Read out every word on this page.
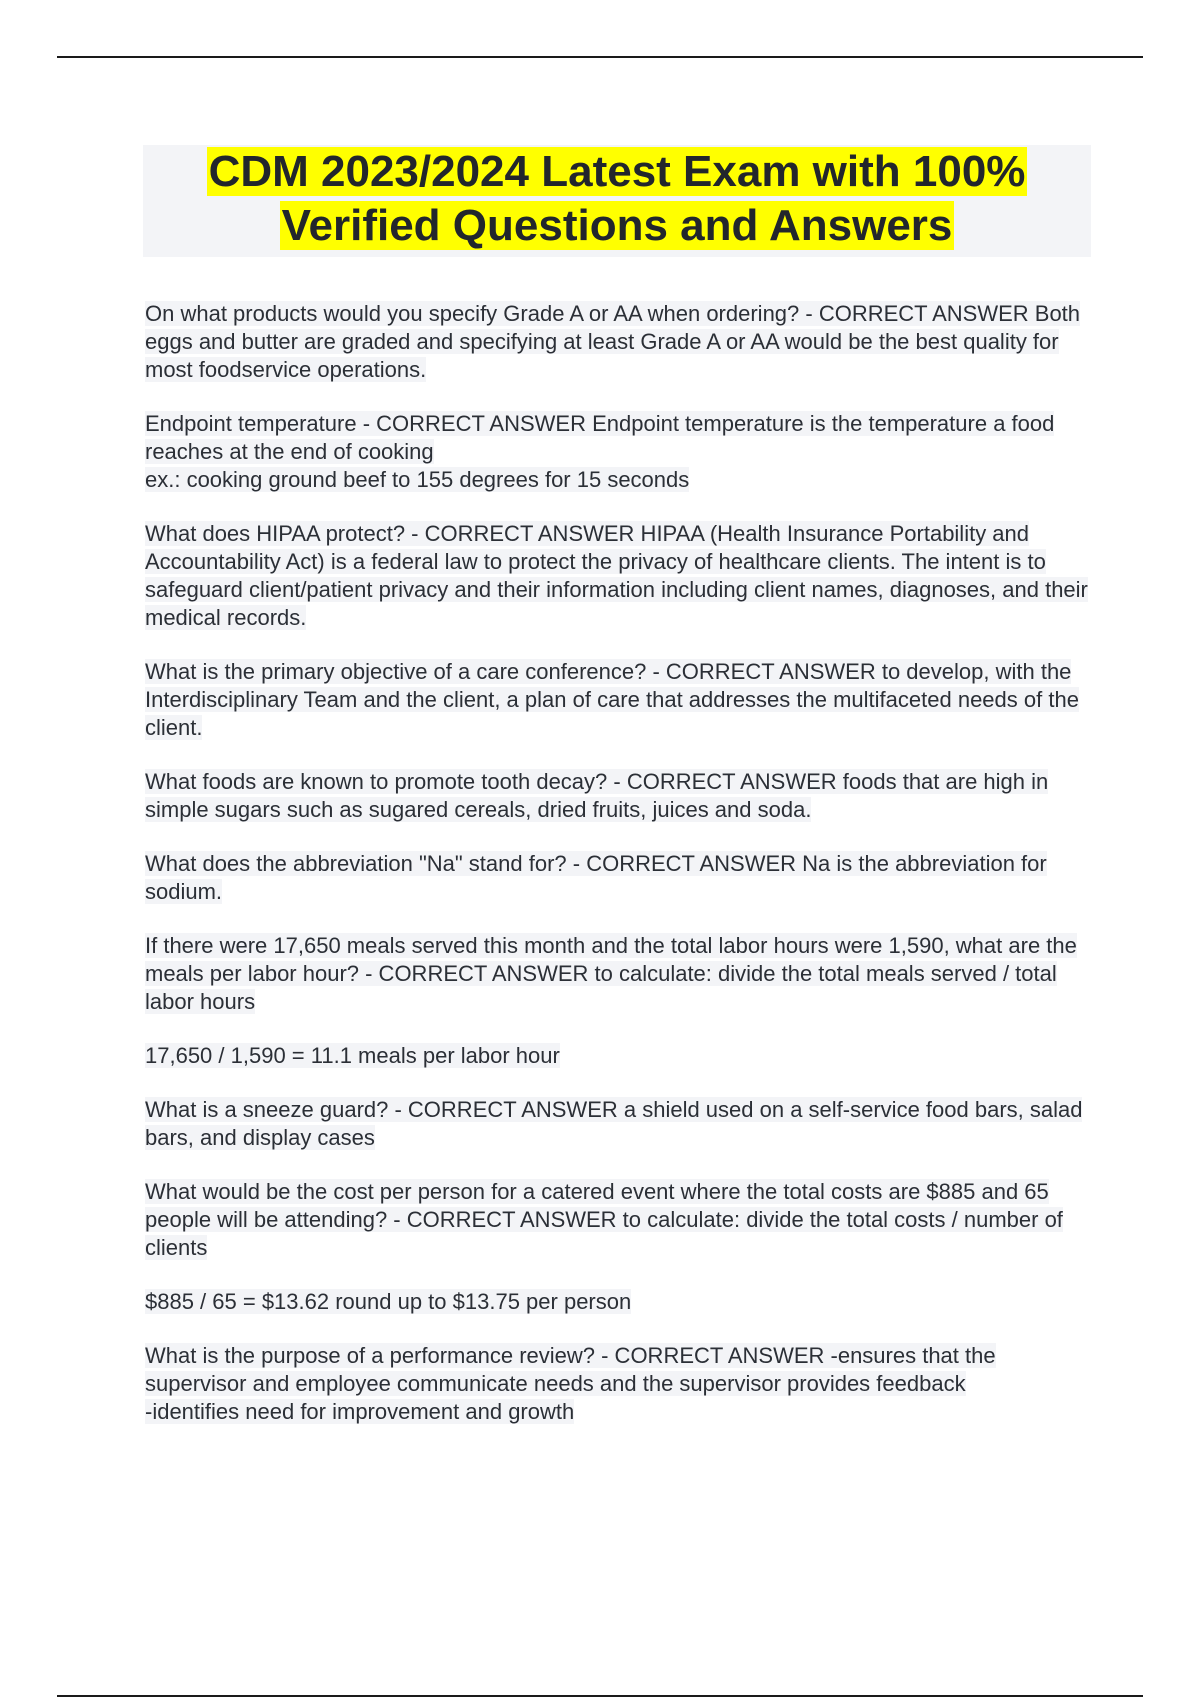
CDM 2023/2024 Latest Exam with 100%
Verified Questions and Answers

On what products would you specify Grade A or AA when ordering? - CORRECT ANSWER Both eggs and butter are graded and specifying at least Grade A or AA would be the best quality for most foodservice operations.

Endpoint temperature - CORRECT ANSWER Endpoint temperature is the temperature a food reaches at the end of cooking
ex.: cooking ground beef to 155 degrees for 15 seconds

What does HIPAA protect? - CORRECT ANSWER HIPAA (Health Insurance Portability and Accountability Act) is a federal law to protect the privacy of healthcare clients. The intent is to safeguard client/patient privacy and their information including client names, diagnoses, and their medical records.

What is the primary objective of a care conference? - CORRECT ANSWER to develop, with the Interdisciplinary Team and the client, a plan of care that addresses the multifaceted needs of the client.

What foods are known to promote tooth decay? - CORRECT ANSWER foods that are high in simple sugars such as sugared cereals, dried fruits, juices and soda.

What does the abbreviation "Na" stand for? - CORRECT ANSWER Na is the abbreviation for sodium.

If there were 17,650 meals served this month and the total labor hours were 1,590, what are the meals per labor hour? - CORRECT ANSWER to calculate: divide the total meals served / total labor hours

17,650 / 1,590 = 11.1 meals per labor hour

What is a sneeze guard? - CORRECT ANSWER a shield used on a self-service food bars, salad bars, and display cases

What would be the cost per person for a catered event where the total costs are $885 and 65 people will be attending? - CORRECT ANSWER to calculate: divide the total costs / number of clients

$885 / 65 = $13.62 round up to $13.75 per person

What is the purpose of a performance review? - CORRECT ANSWER -ensures that the supervisor and employee communicate needs and the supervisor provides feedback
-identifies need for improvement and growth
